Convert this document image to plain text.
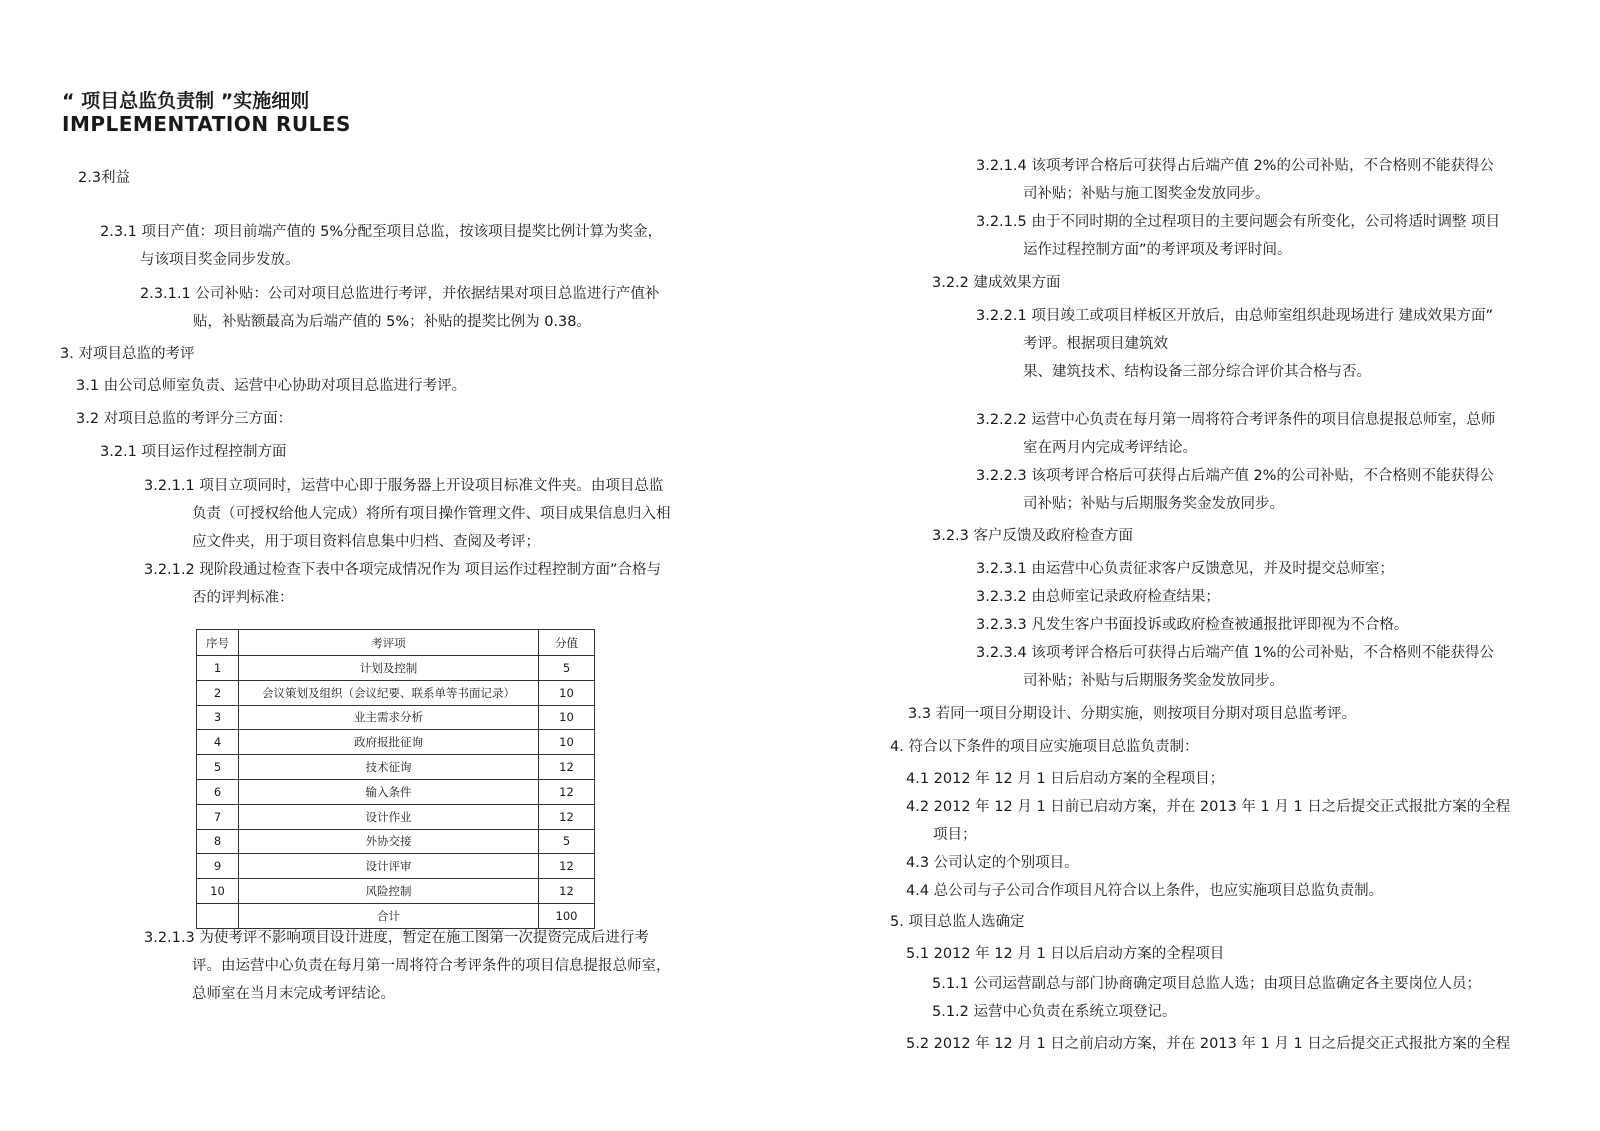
“ 项目总监负责制 ”实施细则
IMPLEMENTATION RULES
2.3利益
2.3.1 项目产值：项目前端产值的 5%分配至项目总监，按该项目提奖比例计算为奖金，
与该项目奖金同步发放。
2.3.1.1 公司补贴：公司对项目总监进行考评，并依据结果对项目总监进行产值补
贴，补贴额最高为后端产值的 5%；补贴的提奖比例为 0.38。
3. 对项目总监的考评
3.1 由公司总师室负责、运营中心协助对项目总监进行考评。
3.2 对项目总监的考评分三方面：
3.2.1 项目运作过程控制方面
3.2.1.1 项目立项同时，运营中心即于服务器上开设项目标准文件夹。由项目总监
负责（可授权给他人完成）将所有项目操作管理文件、项目成果信息归入相
应文件夹，用于项目资料信息集中归档、查阅及考评；
3.2.1.2 现阶段通过检查下表中各项完成情况作为 项目运作过程控制方面”合格与
否的评判标准：
序号	考评项	分值
1	计划及控制	5
2	会议策划及组织（会议纪要、联系单等书面记录）	10
3	业主需求分析	10
4	政府报批征询	10
5	技术征询	12
6	输入条件	12
7	设计作业	12
8	外协交接	5
9	设计评审	12
10	风险控制	12
	合计	100
3.2.1.3 为使考评不影响项目设计进度，暂定在施工图第一次提资完成后进行考
评。由运营中心负责在每月第一周将符合考评条件的项目信息提报总师室，
总师室在当月末完成考评结论。
3.2.1.4 该项考评合格后可获得占后端产值 2%的公司补贴，不合格则不能获得公
司补贴；补贴与施工图奖金发放同步。
3.2.1.5 由于不同时期的全过程项目的主要问题会有所变化，公司将适时调整 项目
运作过程控制方面”的考评项及考评时间。
3.2.2 建成效果方面
3.2.2.1 项目竣工或项目样板区开放后，由总师室组织赴现场进行 建成效果方面”
考评。根据项目建筑效
果、建筑技术、结构设备三部分综合评价其合格与否。
3.2.2.2 运营中心负责在每月第一周将符合考评条件的项目信息提报总师室，总师
室在两月内完成考评结论。
3.2.2.3 该项考评合格后可获得占后端产值 2%的公司补贴，不合格则不能获得公
司补贴；补贴与后期服务奖金发放同步。
3.2.3 客户反馈及政府检查方面
3.2.3.1 由运营中心负责征求客户反馈意见，并及时提交总师室；
3.2.3.2 由总师室记录政府检查结果；
3.2.3.3 凡发生客户书面投诉或政府检查被通报批评即视为不合格。
3.2.3.4 该项考评合格后可获得占后端产值 1%的公司补贴，不合格则不能获得公
司补贴；补贴与后期服务奖金发放同步。
3.3 若同一项目分期设计、分期实施，则按项目分期对项目总监考评。
4. 符合以下条件的项目应实施项目总监负责制：
4.1 2012 年 12 月 1 日后启动方案的全程项目；
4.2 2012 年 12 月 1 日前已启动方案，并在 2013 年 1 月 1 日之后提交正式报批方案的全程
项目；
4.3 公司认定的个别项目。
4.4 总公司与子公司合作项目凡符合以上条件，也应实施项目总监负责制。
5. 项目总监人选确定
5.1 2012 年 12 月 1 日以后启动方案的全程项目
5.1.1 公司运营副总与部门协商确定项目总监人选；由项目总监确定各主要岗位人员；
5.1.2 运营中心负责在系统立项登记。
5.2 2012 年 12 月 1 日之前启动方案，并在 2013 年 1 月 1 日之后提交正式报批方案的全程
